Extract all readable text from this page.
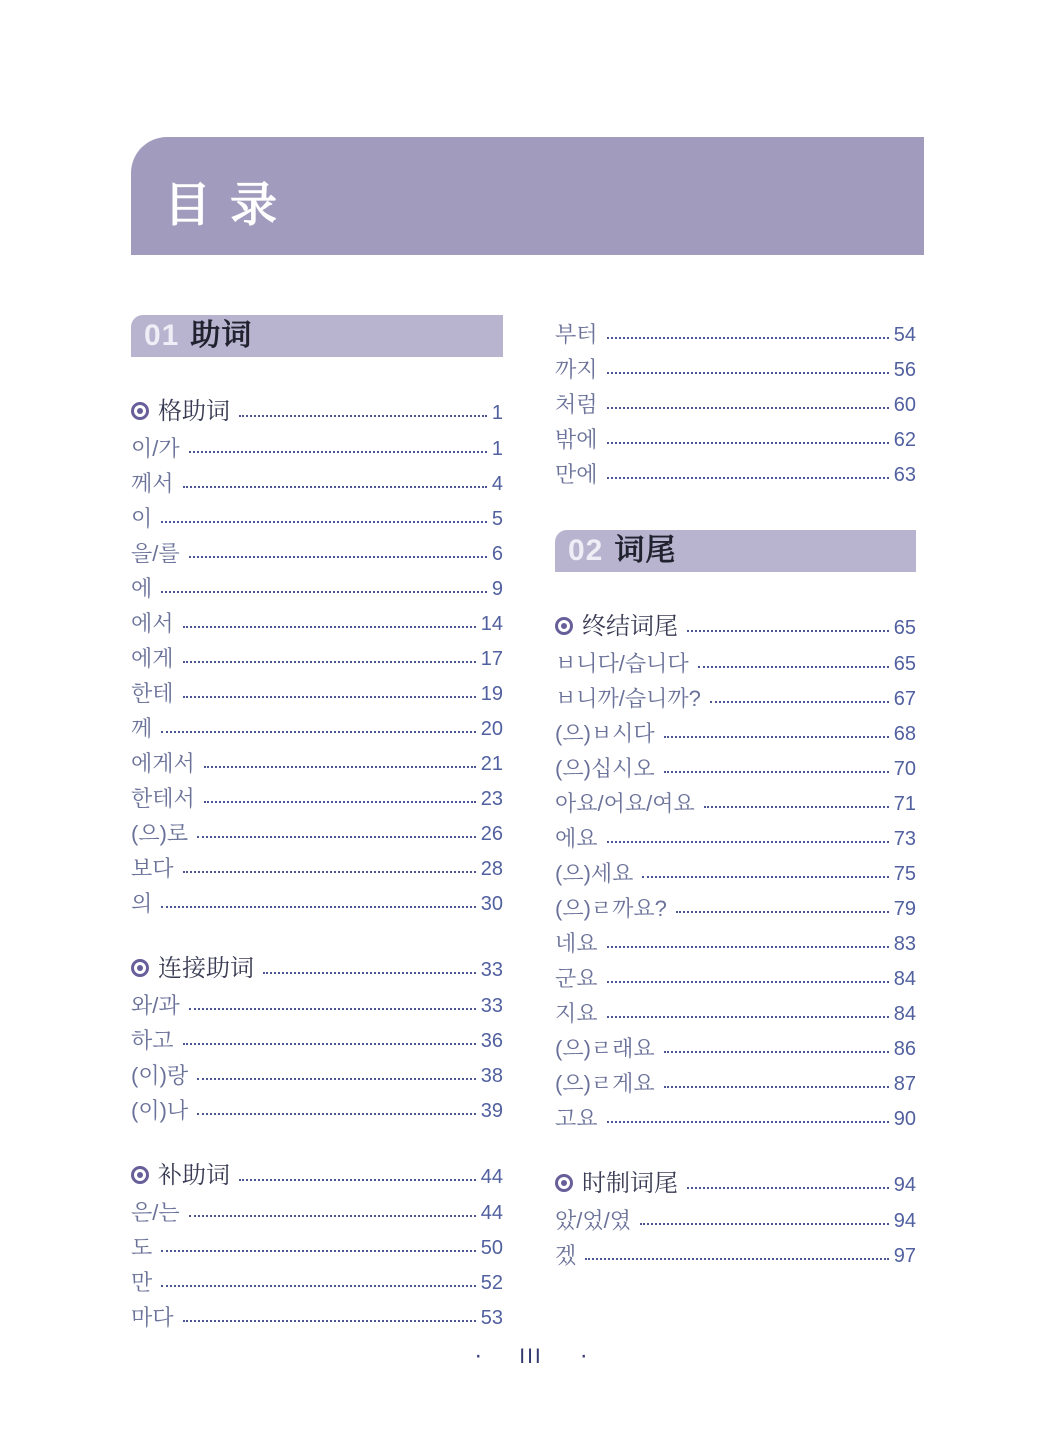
目 录
01 助词
格助词	1
이/가	1
께서	4
이	5
을/를	6
에	9
에서	14
에게	17
한테	19
께	20
에게서	21
한테서	23
(으)로	26
보다	28
의	30
连接助词	33
와/과	33
하고	36
(이)랑	38
(이)나	39
补助词	44
은/는	44
도	50
만	52
마다	53
부터	54
까지	56
처럼	60
밖에	62
만에	63
02 词尾
终结词尾	65
ㅂ니다/습니다	65
ㅂ니까/습니까?	67
(으)ㅂ시다	68
(으)십시오	70
아요/어요/여요	71
에요	73
(으)세요	75
(으)ㄹ까요?	79
네요	83
군요	84
지요	84
(으)ㄹ래요	86
(으)ㄹ게요	87
고요	90
时制词尾	94
았/었/였	94
겠	97
· III ·
